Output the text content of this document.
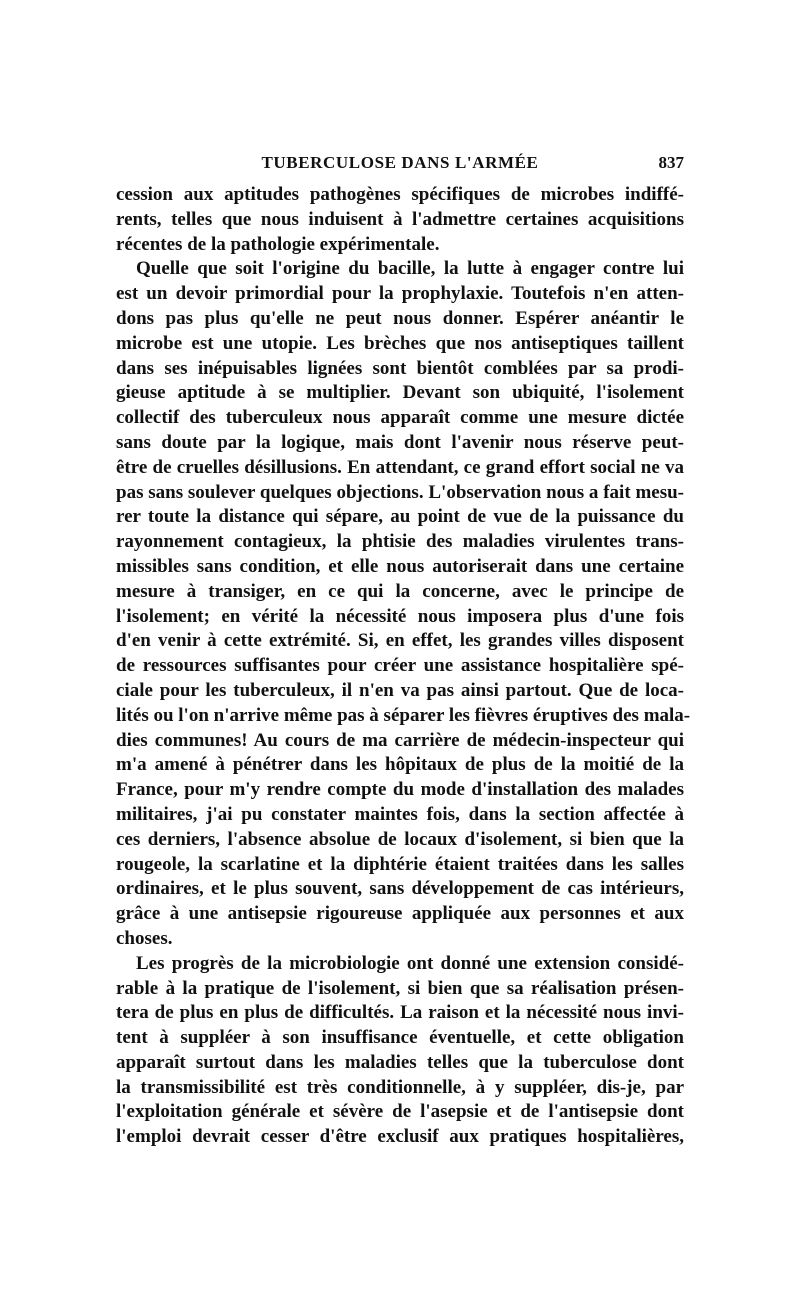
TUBERCULOSE DANS L'ARMÉE	837
cession aux aptitudes pathogènes spécifiques de microbes indiffé-
rents, telles que nous induisent à l'admettre certaines acquisitions
récentes de la pathologie expérimentale.
Quelle que soit l'origine du bacille, la lutte à engager contre lui
est un devoir primordial pour la prophylaxie. Toutefois n'en atten-
dons pas plus qu'elle ne peut nous donner. Espérer anéantir le
microbe est une utopie. Les brèches que nos antiseptiques taillent
dans ses inépuisables lignées sont bientôt comblées par sa prodi-
gieuse aptitude à se multiplier. Devant son ubiquité, l'isolement
collectif des tuberculeux nous apparaît comme une mesure dictée
sans doute par la logique, mais dont l'avenir nous réserve peut-
être de cruelles désillusions. En attendant, ce grand effort social ne va
pas sans soulever quelques objections. L'observation nous a fait mesu-
rer toute la distance qui sépare, au point de vue de la puissance du
rayonnement contagieux, la phtisie des maladies virulentes trans-
missibles sans condition, et elle nous autoriserait dans une certaine
mesure à transiger, en ce qui la concerne, avec le principe de
l'isolement; en vérité la nécessité nous imposera plus d'une fois
d'en venir à cette extrémité. Si, en effet, les grandes villes disposent
de ressources suffisantes pour créer une assistance hospitalière spé-
ciale pour les tuberculeux, il n'en va pas ainsi partout. Que de loca-
lités ou l'on n'arrive même pas à séparer les fièvres éruptives des mala-
dies communes! Au cours de ma carrière de médecin-inspecteur qui
m'a amené à pénétrer dans les hôpitaux de plus de la moitié de la
France, pour m'y rendre compte du mode d'installation des malades
militaires, j'ai pu constater maintes fois, dans la section affectée à
ces derniers, l'absence absolue de locaux d'isolement, si bien que la
rougeole, la scarlatine et la diphtérie étaient traitées dans les salles
ordinaires, et le plus souvent, sans développement de cas intérieurs,
grâce à une antisepsie rigoureuse appliquée aux personnes et aux
choses.
Les progrès de la microbiologie ont donné une extension considé-
rable à la pratique de l'isolement, si bien que sa réalisation présen-
tera de plus en plus de difficultés. La raison et la nécessité nous invi-
tent à suppléer à son insuffisance éventuelle, et cette obligation
apparaît surtout dans les maladies telles que la tuberculose dont
la transmissibilité est très conditionnelle, à y suppléer, dis-je, par
l'exploitation générale et sévère de l'asepsie et de l'antisepsie dont
l'emploi devrait cesser d'être exclusif aux pratiques hospitalières,
